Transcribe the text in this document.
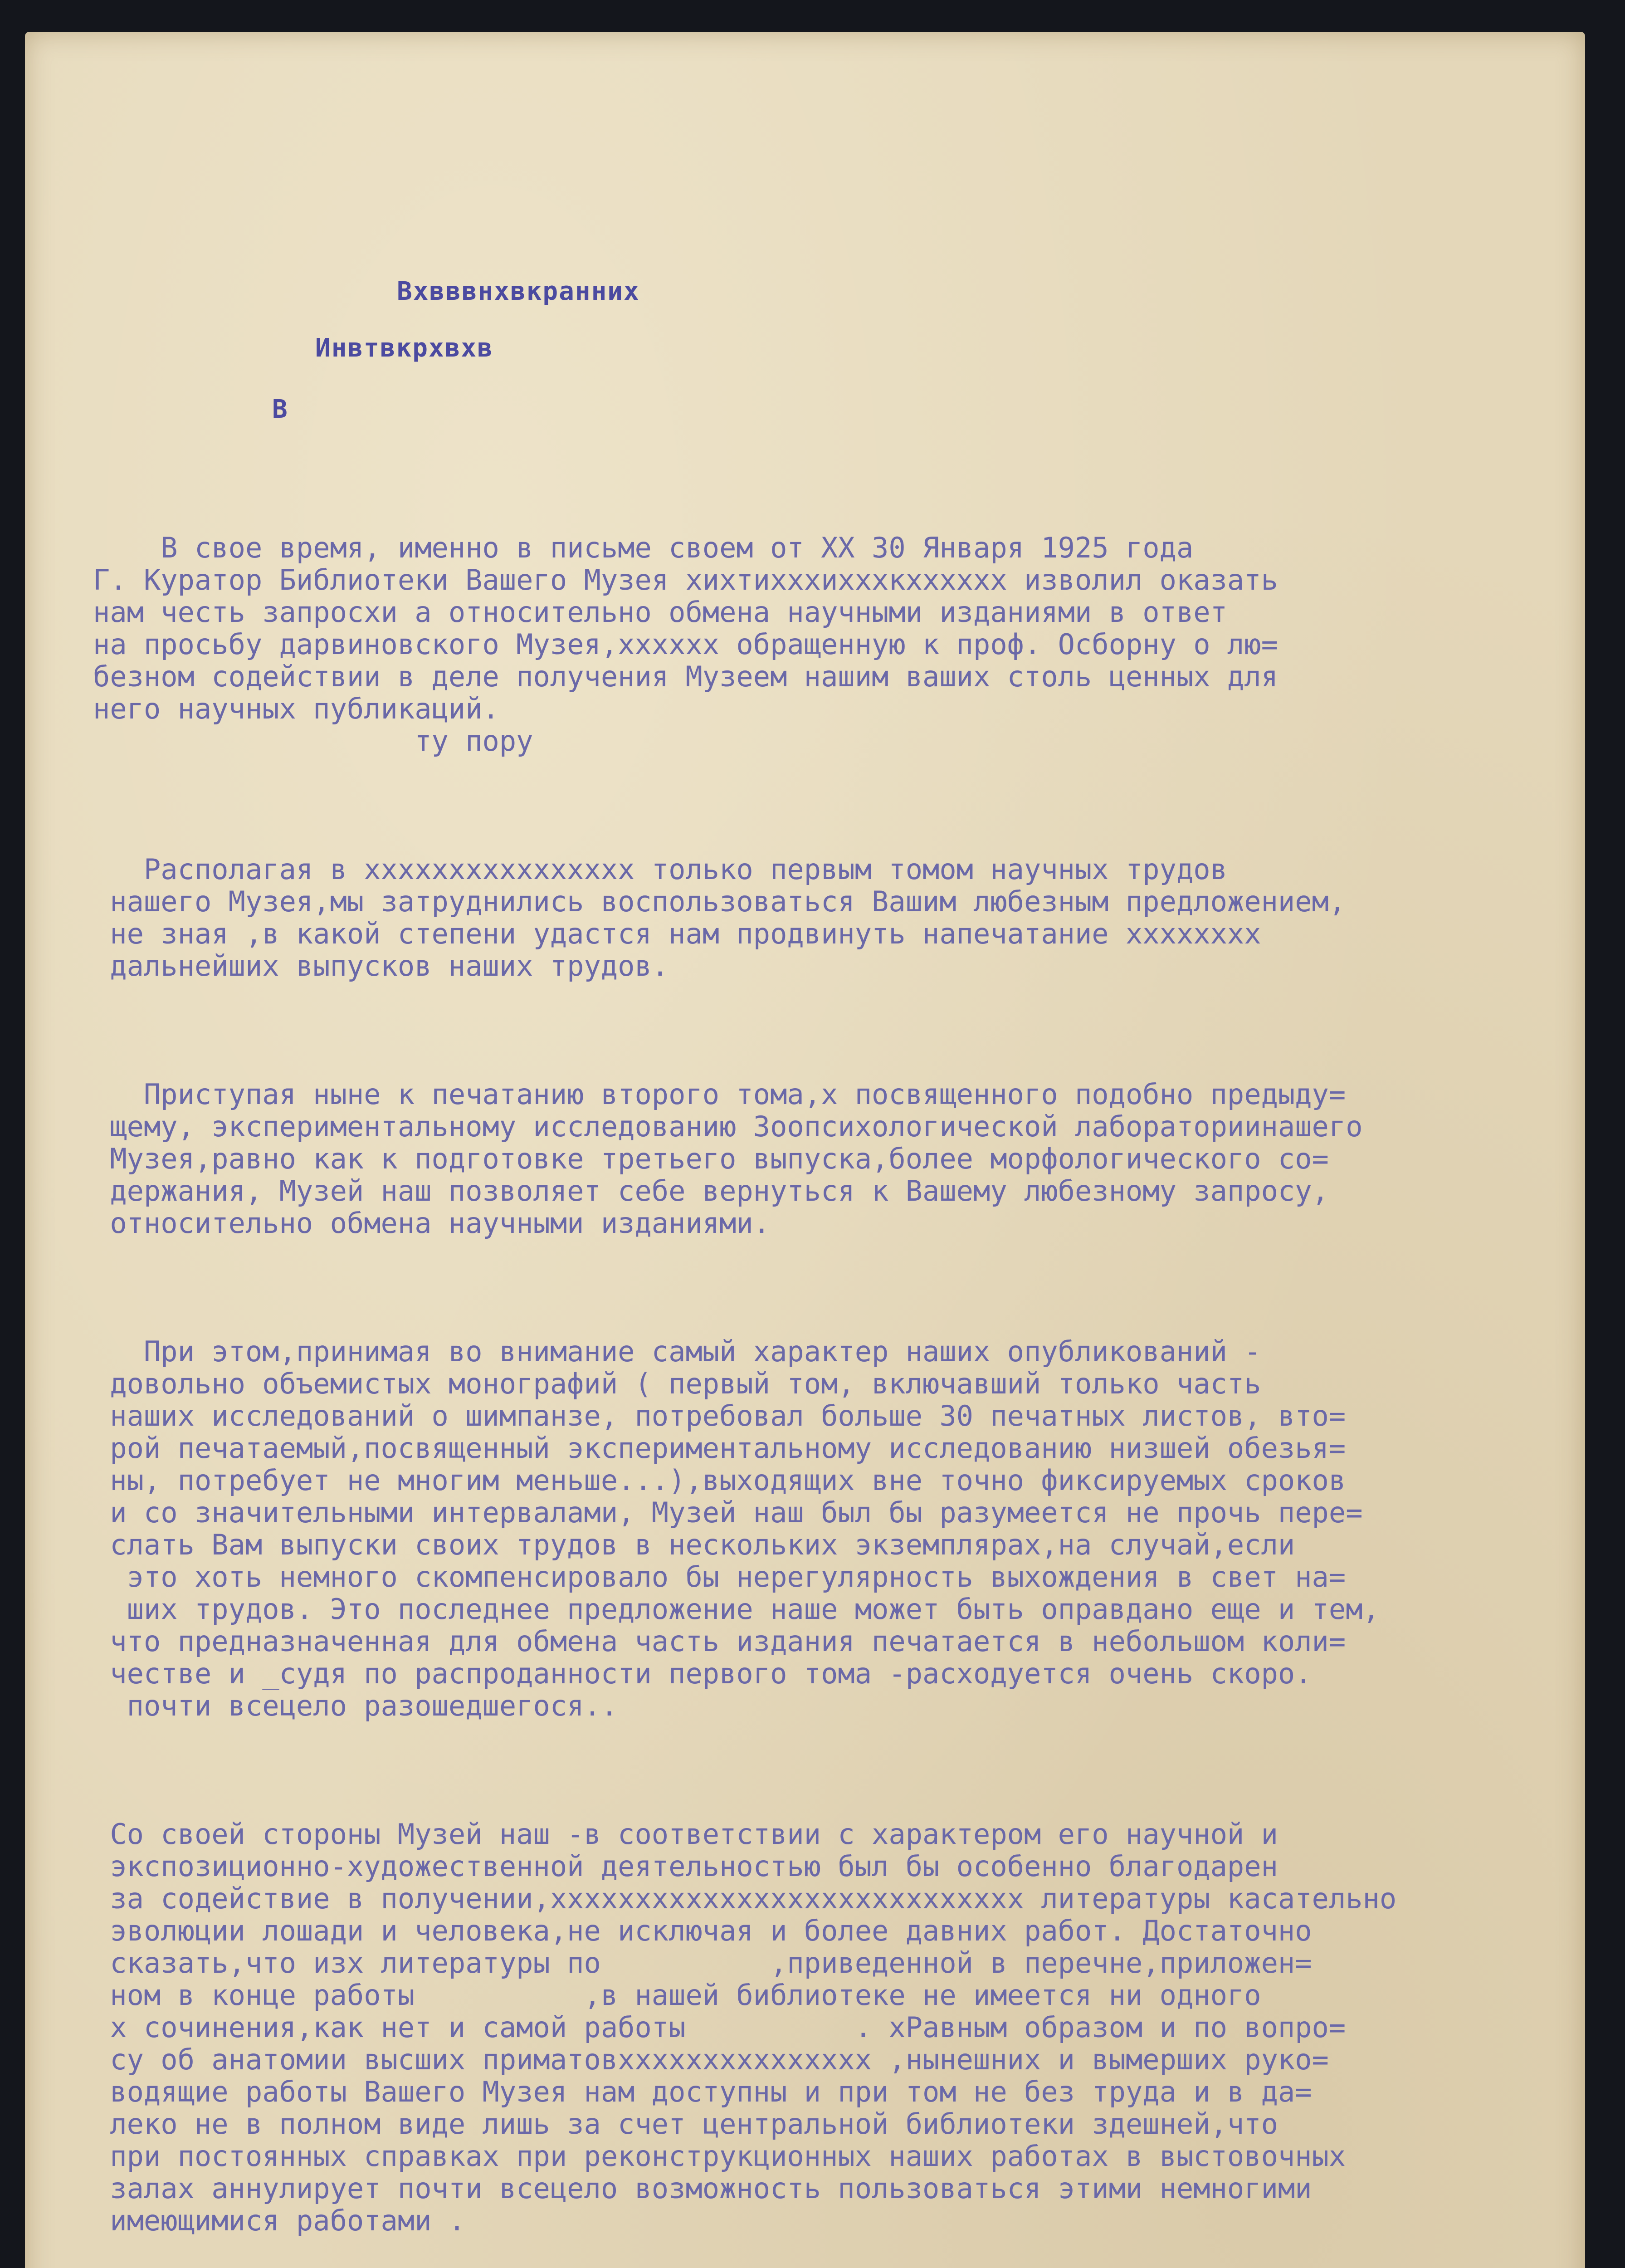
Вхвввнхвкранних
Инвтвкрхвхв
В

В свое время, именно в письме своем от ХХ 30 Января 1925 года
Г. Куратор Библиотеки Вашего Музея хихтихххихххкхххххх изволил оказать
нам честь запросхи а относительно обмена научными изданиями в ответ
на просьбу дарвиновского Музея,хххххх обращенную к проф. Осборну о лю=
безном содействии в деле получения Музеем нашим ваших столь ценных для
него научных публикаций.
ту пору

Располагая в хххххххххххххххх только первым томом научных трудов
нашего Музея,мы затруднились воспользоваться Вашим любезным предложением,
не зная ,в какой степени удастся нам продвинуть напечатание хххххххх
дальнейших выпусков наших трудов.

Приступая ныне к печатанию второго тома,х посвященного подобно предыду=
щему, экспериментальному исследованию Зоопсихологической лабораториинашего
Музея,равно как к подготовке третьего выпуска,более морфологического со=
держания, Музей наш позволяет себе вернуться к Вашему любезному запросу,
относительно обмена научными изданиями.

При этом,принимая во внимание самый характер наших опубликований -
довольно объемистых монографий ( первый том, включавший только часть
наших исследований о шимпанзе, потребовал больше 30 печатных листов, вто=
рой печатаемый,посвященный экспериментальному исследованию низшей обезья=
ны, потребует не многим меньше...),выходящих вне точно фиксируемых сроков
и со значительными интервалами, Музей наш был бы разумеется не прочь пере=
слать Вам выпуски своих трудов в нескольких экземплярах,на случай,если
это хоть немного скомпенсировало бы нерегулярность выхождения в свет на=
ших трудов. Это последнее предложение наше может быть оправдано еще и тем,
что предназначенная для обмена часть издания печатается в небольшом коли=
честве и _судя по распроданности первого тома -расходуется очень скоро.
почти всецело разошедшегося..

Со своей стороны Музей наш -в соответствии с характером его научной и
экспозиционно-художественной деятельностью был бы особенно благодарен
за содействие в получении,хххххххххххххххххххххххххххх литературы касательно
эволюции лошади и человека,не исключая и более давних работ. Достаточно
сказать,что изх литературы по          ,приведенной в перечне,приложен=
ном в конце работы          ,в нашей библиотеке не имеется ни одного
х сочинения,как нет и самой работы          . хРавным образом и по вопро=
су об анатомии высших приматовххххххххххххххх ,нынешних и вымерших руко=
водящие работы Вашего Музея нам доступны и при том не без труда и в да=
леко не в полном виде лишь за счет центральной библиотеки здешней,что
при постоянных справках при реконструкционных наших работах в выстовочных
залах аннулирует почти всецело возможность пользоваться этими немногими
имеющимися работами .
